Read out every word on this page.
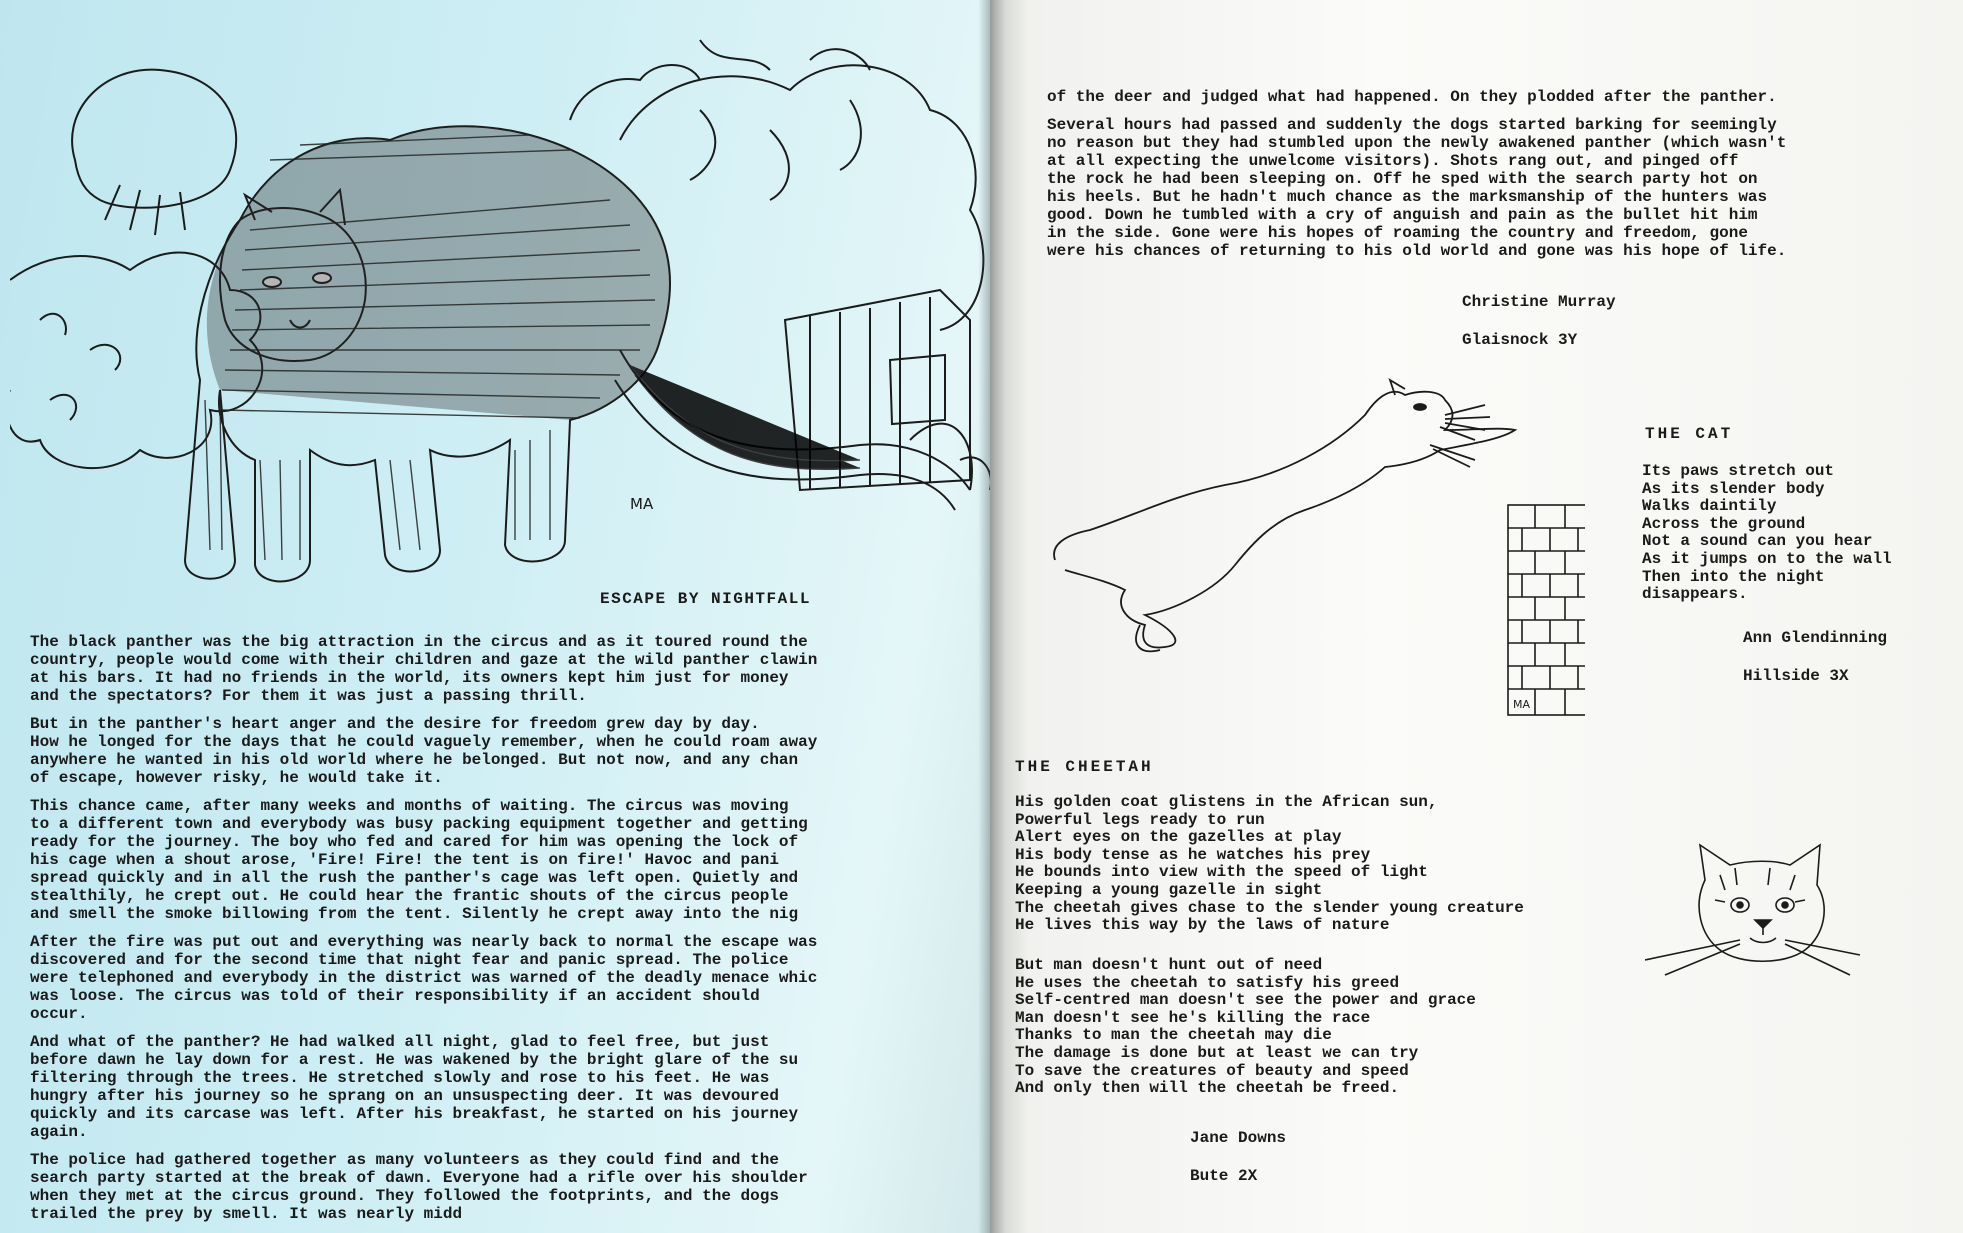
MA
ESCAPE BY NIGHTFALL

The black panther was the big attraction in the circus and as it toured round the
country, people would come with their children and gaze at the wild panther clawin
at his bars. It had no friends in the world, its owners kept him just for money
and the spectators? For them it was just a passing thrill.

But in the panther's heart anger and the desire for freedom grew day by day.
How he longed for the days that he could vaguely remember, when he could roam away
anywhere he wanted in his old world where he belonged. But not now, and any chan
of escape, however risky, he would take it.

This chance came, after many weeks and months of waiting. The circus was moving
to a different town and everybody was busy packing equipment together and getting
ready for the journey. The boy who fed and cared for him was opening the lock of
his cage when a shout arose, 'Fire! Fire! the tent is on fire!' Havoc and pani
spread quickly and in all the rush the panther's cage was left open. Quietly and
stealthily, he crept out. He could hear the frantic shouts of the circus people
and smell the smoke billowing from the tent. Silently he crept away into the nig

After the fire was put out and everything was nearly back to normal the escape was
discovered and for the second time that night fear and panic spread. The police
were telephoned and everybody in the district was warned of the deadly menace whic
was loose. The circus was told of their responsibility if an accident should
occur.

And what of the panther? He had walked all night, glad to feel free, but just
before dawn he lay down for a rest. He was wakened by the bright glare of the su
filtering through the trees. He stretched slowly and rose to his feet. He was
hungry after his journey so he sprang on an unsuspecting deer. It was devoured
quickly and its carcase was left. After his breakfast, he started on his journey
again.

The police had gathered together as many volunteers as they could find and the
search party started at the break of dawn. Everyone had a rifle over his shoulder
when they met at the circus ground. They followed the footprints, and the dogs
trailed the prey by smell. It was nearly midd

of the deer and judged what had happened. On they plodded after the panther.

Several hours had passed and suddenly the dogs started barking for seemingly
no reason but they had stumbled upon the newly awakened panther (which wasn't
at all expecting the unwelcome visitors). Shots rang out, and pinged off
the rock he had been sleeping on. Off he sped with the search party hot on
his heels. But he hadn't much chance as the marksmanship of the hunters was
good. Down he tumbled with a cry of anguish and pain as the bullet hit him
in the side. Gone were his hopes of roaming the country and freedom, gone
were his chances of returning to his old world and gone was his hope of life.

Christine Murray

Glaisnock 3Y

MA
THE CAT
Its paws stretch out
As its slender body
Walks daintily
Across the ground
Not a sound can you hear
As it jumps on to the wall
Then into the night
disappears.

Ann Glendinning

Hillside 3X

THE CHEETAH
His golden coat glistens in the African sun,
Powerful legs ready to run
Alert eyes on the gazelles at play
His body tense as he watches his prey
He bounds into view with the speed of light
Keeping a young gazelle in sight
The cheetah gives chase to the slender young creature
He lives this way by the laws of nature
But man doesn't hunt out of need
He uses the cheetah to satisfy his greed
Self-centred man doesn't see the power and grace
Man doesn't see he's killing the race
Thanks to man the cheetah may die
The damage is done but at least we can try
To save the creatures of beauty and speed
And only then will the cheetah be freed.

Jane Downs

Bute 2X
